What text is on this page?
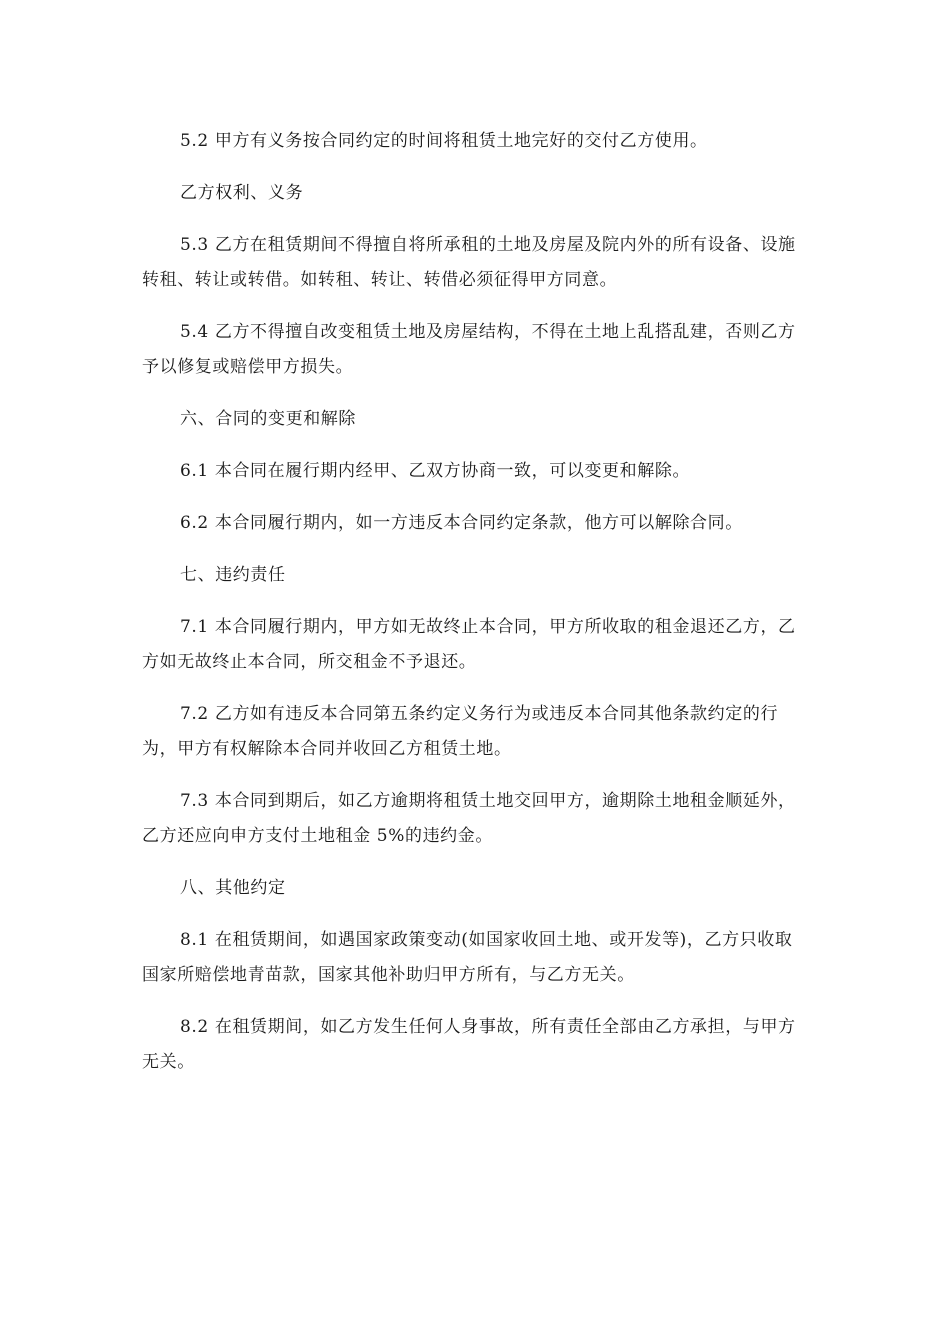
5.2 甲方有义务按合同约定的时间将租赁土地完好的交付乙方使用。

乙方权利、义务

5.3 乙方在租赁期间不得擅自将所承租的土地及房屋及院内外的所有设备、设施转租、转让或转借。如转租、转让、转借必须征得甲方同意。

5.4 乙方不得擅自改变租赁土地及房屋结构，不得在土地上乱搭乱建，否则乙方予以修复或赔偿甲方损失。

六、合同的变更和解除

6.1 本合同在履行期内经甲、乙双方协商一致，可以变更和解除。

6.2 本合同履行期内，如一方违反本合同约定条款，他方可以解除合同。

七、违约责任

7.1 本合同履行期内，甲方如无故终止本合同，甲方所收取的租金退还乙方，乙方如无故终止本合同，所交租金不予退还。

7.2 乙方如有违反本合同第五条约定义务行为或违反本合同其他条款约定的行为，甲方有权解除本合同并收回乙方租赁土地。

7.3 本合同到期后，如乙方逾期将租赁土地交回甲方，逾期除土地租金顺延外，乙方还应向申方支付土地租金 5%的违约金。

八、其他约定

8.1 在租赁期间，如遇国家政策变动(如国家收回土地、或开发等)，乙方只收取国家所赔偿地青苗款，国家其他补助归甲方所有，与乙方无关。

8.2 在租赁期间，如乙方发生任何人身事故，所有责任全部由乙方承担，与甲方无关。
